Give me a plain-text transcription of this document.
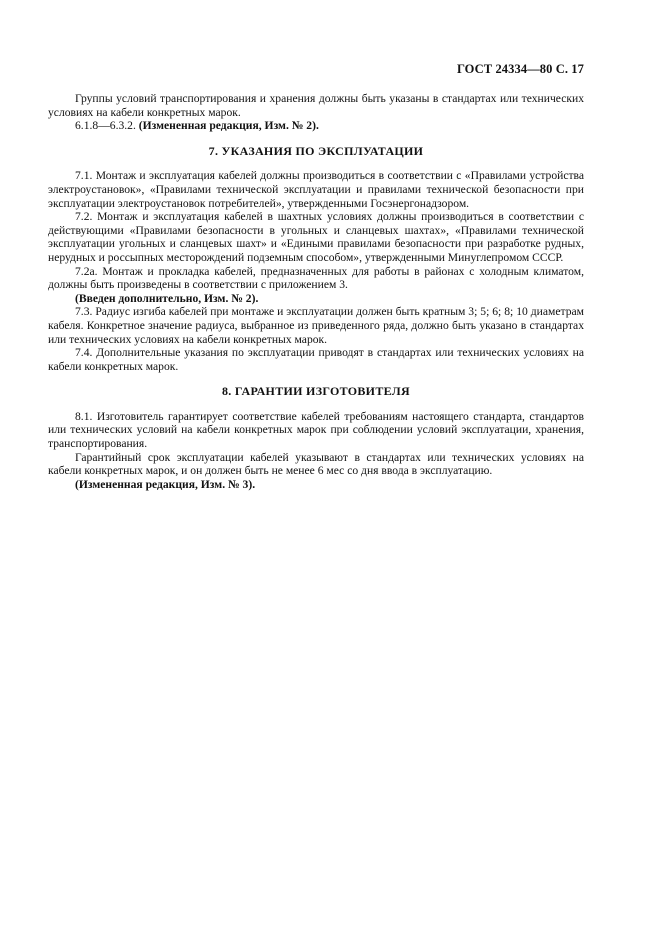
ГОСТ 24334—80 С. 17

Группы условий транспортирования и хранения должны быть указаны в стандартах или технических условиях на кабели конкретных марок.

6.1.8—6.3.2. (Измененная редакция, Изм. № 2).

7. УКАЗАНИЯ ПО ЭКСПЛУАТАЦИИ

7.1. Монтаж и эксплуатация кабелей должны производиться в соответствии с «Правилами устройства электроустановок», «Правилами технической эксплуатации и правилами технической безопасности при эксплуатации электроустановок потребителей», утвержденными Госэнергонадзором.

7.2. Монтаж и эксплуатация кабелей в шахтных условиях должны производиться в соответствии с действующими «Правилами безопасности в угольных и сланцевых шахтах», «Правилами технической эксплуатации угольных и сланцевых шахт» и «Едиными правилами безопасности при разработке рудных, нерудных и россыпных месторождений подземным способом», утвержденными Минуглепромом СССР.

7.2а. Монтаж и прокладка кабелей, предназначенных для работы в районах с холодным климатом, должны быть произведены в соответствии с приложением 3.

(Введен дополнительно, Изм. № 2).

7.3. Радиус изгиба кабелей при монтаже и эксплуатации должен быть кратным 3; 5; 6; 8; 10 диаметрам кабеля. Конкретное значение радиуса, выбранное из приведенного ряда, должно быть указано в стандартах или технических условиях на кабели конкретных марок.

7.4. Дополнительные указания по эксплуатации приводят в стандартах или технических условиях на кабели конкретных марок.

8. ГАРАНТИИ ИЗГОТОВИТЕЛЯ

8.1. Изготовитель гарантирует соответствие кабелей требованиям настоящего стандарта, стандартов или технических условий на кабели конкретных марок при соблюдении условий эксплуатации, хранения, транспортирования.

Гарантийный срок эксплуатации кабелей указывают в стандартах или технических условиях на кабели конкретных марок, и он должен быть не менее 6 мес со дня ввода в эксплуатацию.

(Измененная редакция, Изм. № 3).
